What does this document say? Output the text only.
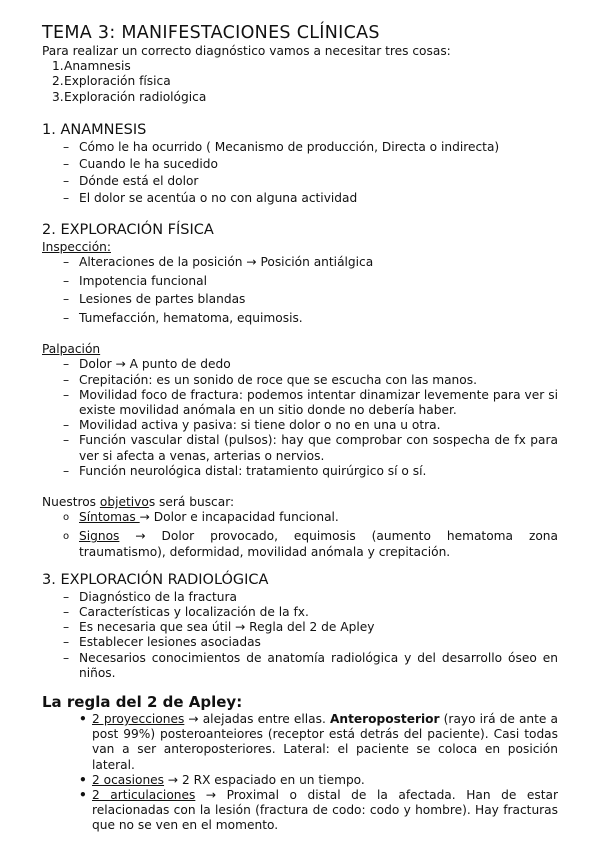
TEMA 3: MANIFESTACIONES CLÍNICAS

Para realizar un correcto diagnóstico vamos a necesitar tres cosas:

1. Anamnesis
2. Exploración física
3. Exploración radiológica
1. ANAMNESIS
– Cómo le ha ocurrido ( Mecanismo de producción, Directa o indirecta)
– Cuando le ha sucedido
– Dónde está el dolor
– El dolor se acentúa o no con alguna actividad
2. EXPLORACIÓN FÍSICA

Inspección:

– Alteraciones de la posición → Posición antiálgica
– Impotencia funcional
– Lesiones de partes blandas
– Tumefacción, hematoma, equimosis.

Palpación

– Dolor → A punto de dedo
– Crepitación: es un sonido de roce que se escucha con las manos.
– Movilidad foco de fractura: podemos intentar dinamizar levemente para ver si existe movilidad anómala en un sitio donde no debería haber.
– Movilidad activa y pasiva: si tiene dolor o no en una u otra.
– Función vascular distal (pulsos): hay que comprobar con sospecha de fx para ver si afecta a venas, arterias o nervios.
– Función neurológica distal: tratamiento quirúrgico sí o sí.

Nuestros objetivos será buscar:

o Síntomas → Dolor e incapacidad funcional.
o Signos → Dolor provocado, equimosis (aumento hematoma zona traumatismo), deformidad, movilidad anómala y crepitación.
3. EXPLORACIÓN RADIOLÓGICA
– Diagnóstico de la fractura
– Características y localización de la fx.
– Es necesaria que sea útil → Regla del 2 de Apley
– Establecer lesiones asociadas
– Necesarios conocimientos de anatomía radiológica y del desarrollo óseo en niños.
La regla del 2 de Apley:
• 2 proyecciones → alejadas entre ellas. Anteroposterior (rayo irá de ante a post 99%) posteroanteiores (receptor está detrás del paciente). Casi todas van a ser anteroposteriores. Lateral: el paciente se coloca en posición lateral.
• 2 ocasiones → 2 RX espaciado en un tiempo.
• 2 articulaciones → Proximal o distal de la afectada. Han de estar relacionadas con la lesión (fractura de codo: codo y hombre). Hay fracturas que no se ven en el momento.
